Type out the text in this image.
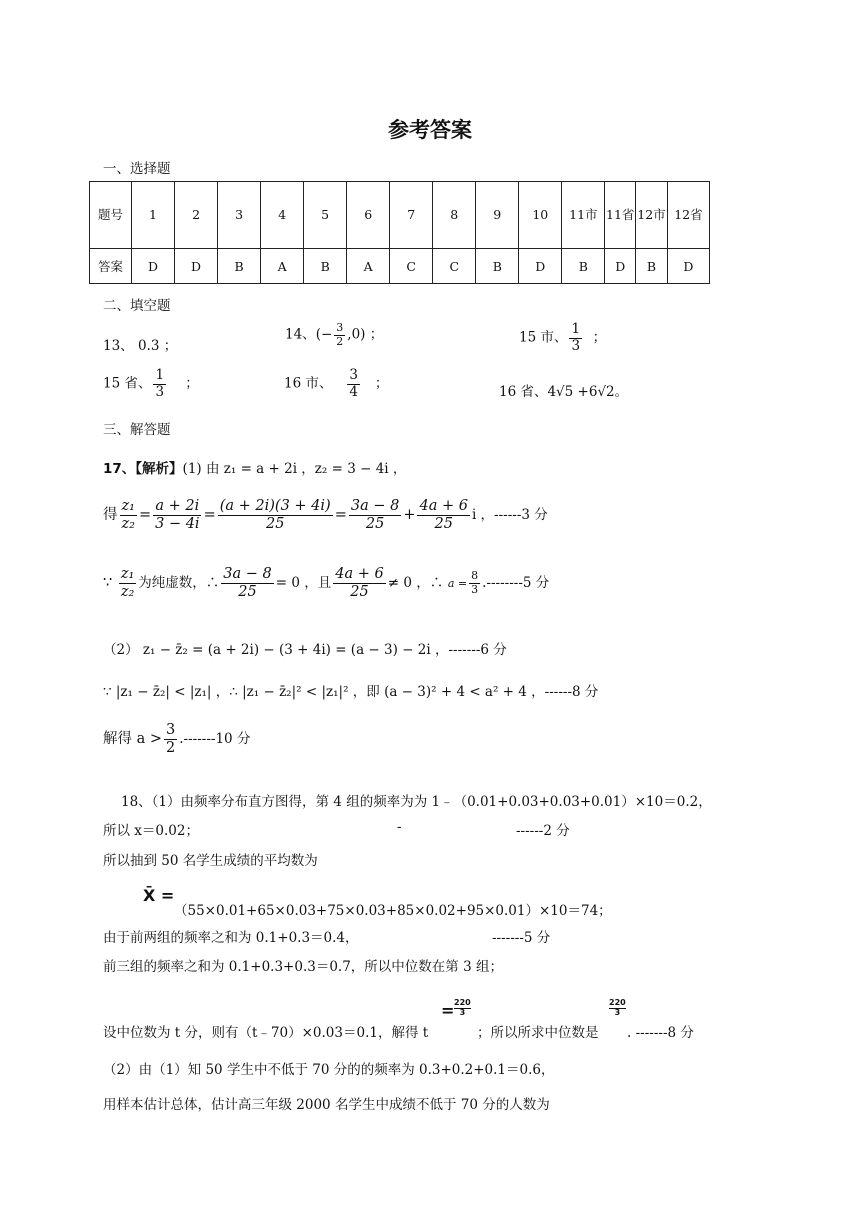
参考答案
一、选择题
题号	1	2	3	4	5	6	7	8	9	10	11市	11省	12市	12省
答案	D	D	B	A	B	A	C	C	B	D	B	D	B	D
二、填空题
13、 0.3 ；
14、(− $\frac{3}{2} ,0$) ；	15 市、 $\frac{1}{3}$ ；
15 省、 $\frac{1}{3}$ ；	16 市、 $\frac{3}{4}$ ；
16 省、4√5 +6√2。
三、解答题
17、【解析】(1) 由 z₁ = a + 2i ，z₂ = 3 − 4i ，
得 $\frac{\text{z₁}}{\text{z₂}} = \frac{a + 2i}{3 - 4i} = \frac{(a + 2i)(3 + 4i)}{25} = \frac{3a - 8}{25} + \frac{4a + 6}{25}$ i ，------3 分
∵ $\frac{\text{z₁}}{\text{z₂}}$ 为纯虚数，∴ $\frac{3a - 8}{25} = 0$ ，且 $\frac{4a + 6}{25} \ne 0$ ，∴ $a = \frac{8}{3} .--------5$ 分
（2） z₁ − z̄₂ = (a + 2i) − (3 + 4i) = (a − 3) − 2i ，-------6 分
∵ |z₁ − z̄₂| < |z₁| ，∴ |z₁ − z̄₂|² < |z₁|² ，即 (a − 3)² + 4 < a² + 4 ，------8 分
解得 $a > \frac{3}{2} .-------10$ 分
18、（1）由频率分布直方图得，第 4 组的频率为为 1﹣（0.01+0.03+0.03+0.01）×10＝0.2，
所以 x＝0.02；	-	------2 分
所以抽到 50 名学生成绩的平均数为
X̄ =
（55×0.01+65×0.03+75×0.03+85×0.02+95×0.01）×10＝74；
由于前两组的频率之和为 0.1+0.3＝0.4，	-------5 分
前三组的频率之和为 0.1+0.3+0.3＝0.7，所以中位数在第 3 组；
= $\frac{220}{3}$	$\frac{220}{3}$
设中位数为 t 分，则有（t﹣70）×0.03＝0.1，解得 t	；所以所求中位数是 . -------8 分
（2）由（1）知 50 学生中不低于 70 分的的频率为 0.3+0.2+0.1＝0.6，
用样本估计总体，估计高三年级 2000 名学生中成绩不低于 70 分的人数为
